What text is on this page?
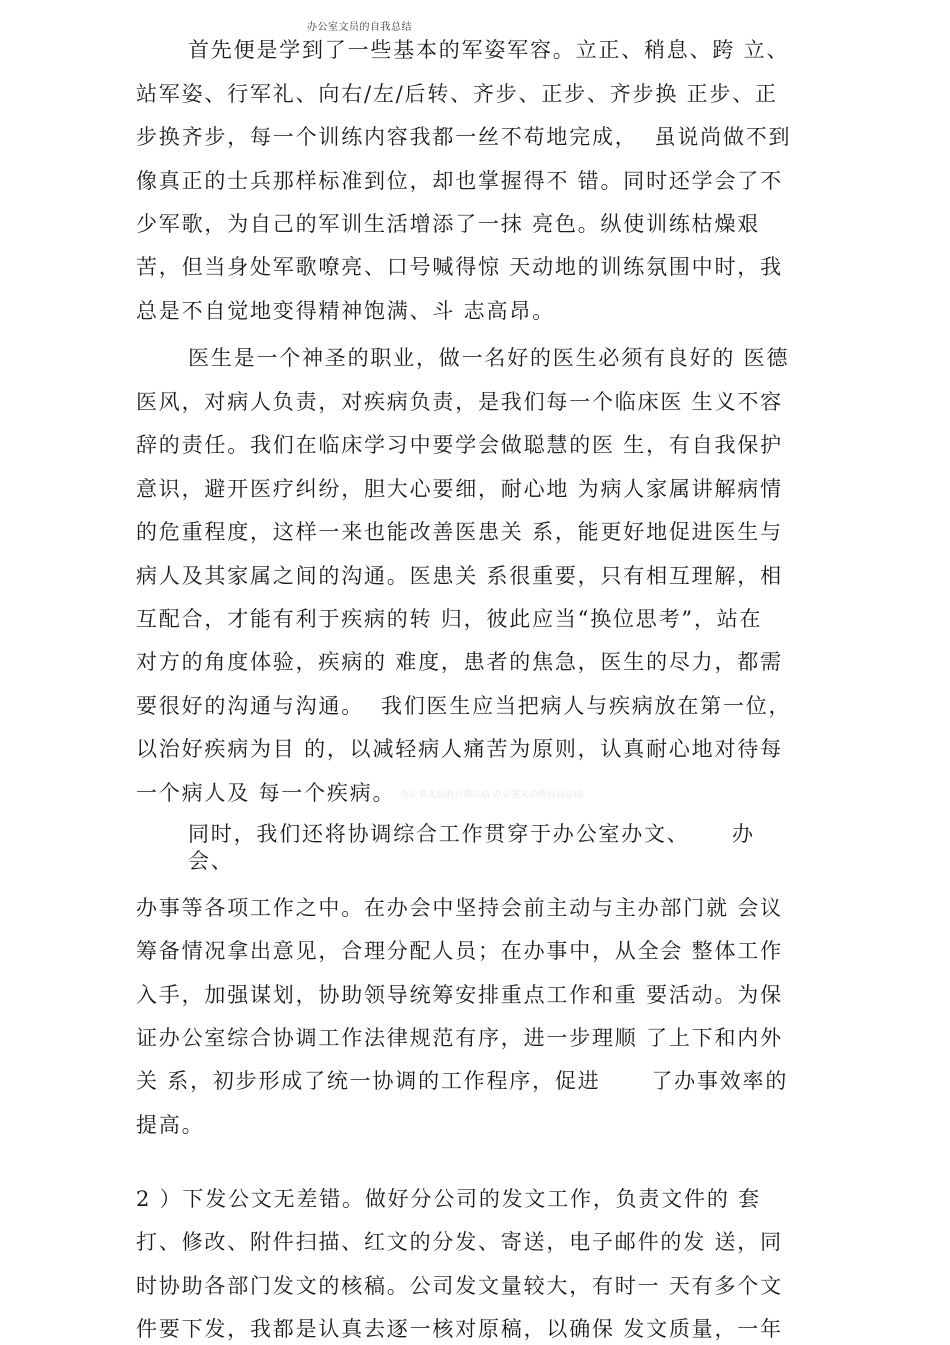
办公室文员的自我总结
首先便是学到了一些基本的军姿军容。立正、稍息、跨 立、
站军姿、行军礼、向右/左/后转、齐步、正步、齐步换 正步、正
步换齐步，每一个训练内容我都一丝不苟地完成，  虽说尚做不到
像真正的士兵那样标准到位，却也掌握得不 错。同时还学会了不
少军歌，为自己的军训生活增添了一抹 亮色。纵使训练枯燥艰
苦，但当身处军歌嘹亮、口号喊得惊 天动地的训练氛围中时，我
总是不自觉地变得精神饱满、斗 志高昂。
医生是一个神圣的职业，做一名好的医生必须有良好的 医德
医风，对病人负责，对疾病负责，是我们每一个临床医 生义不容
辞的责任。我们在临床学习中要学会做聪慧的医 生，有自我保护
意识，避开医疗纠纷，胆大心要细，耐心地 为病人家属讲解病情
的危重程度，这样一来也能改善医患关 系，能更好地促进医生与
病人及其家属之间的沟通。医患关 系很重要，只有相互理解，相
互配合，才能有利于疾病的转 归，彼此应当“换位思考”，站在
对方的角度体验，疾病的 难度，患者的焦急，医生的尽力，都需
要很好的沟通与沟通。  我们医生应当把病人与疾病放在第一位，
以治好疾病为目 的，以减轻病人痛苦为原则，认真耐心地对待每
一个病人及 每一个疾病。 办公室文员的自我总结 办公室文员的自我总结
同时，我们还将协调综合工作贯穿于办公室办文、     办
会、
办事等各项工作之中。在办会中坚持会前主动与主办部门就 会议
筹备情况拿出意见，合理分配人员；在办事中，从全会 整体工作
入手，加强谋划，协助领导统筹安排重点工作和重 要活动。为保
证办公室综合协调工作法律规范有序，进一步理顺 了上下和内外
关 系，初步形成了统一协调的工作程序，促进      了办事效率的
提高。
2 ）下发公文无差错。做好分公司的发文工作，负责文件的 套
打、修改、附件扫描、红文的分发、寄送，电子邮件的发 送，同
时协助各部门发文的核稿。公司发文量较大，有时一 天有多个文
件要下发，我都是认真去逐一核对原稿，以确保 发文质量，一年
